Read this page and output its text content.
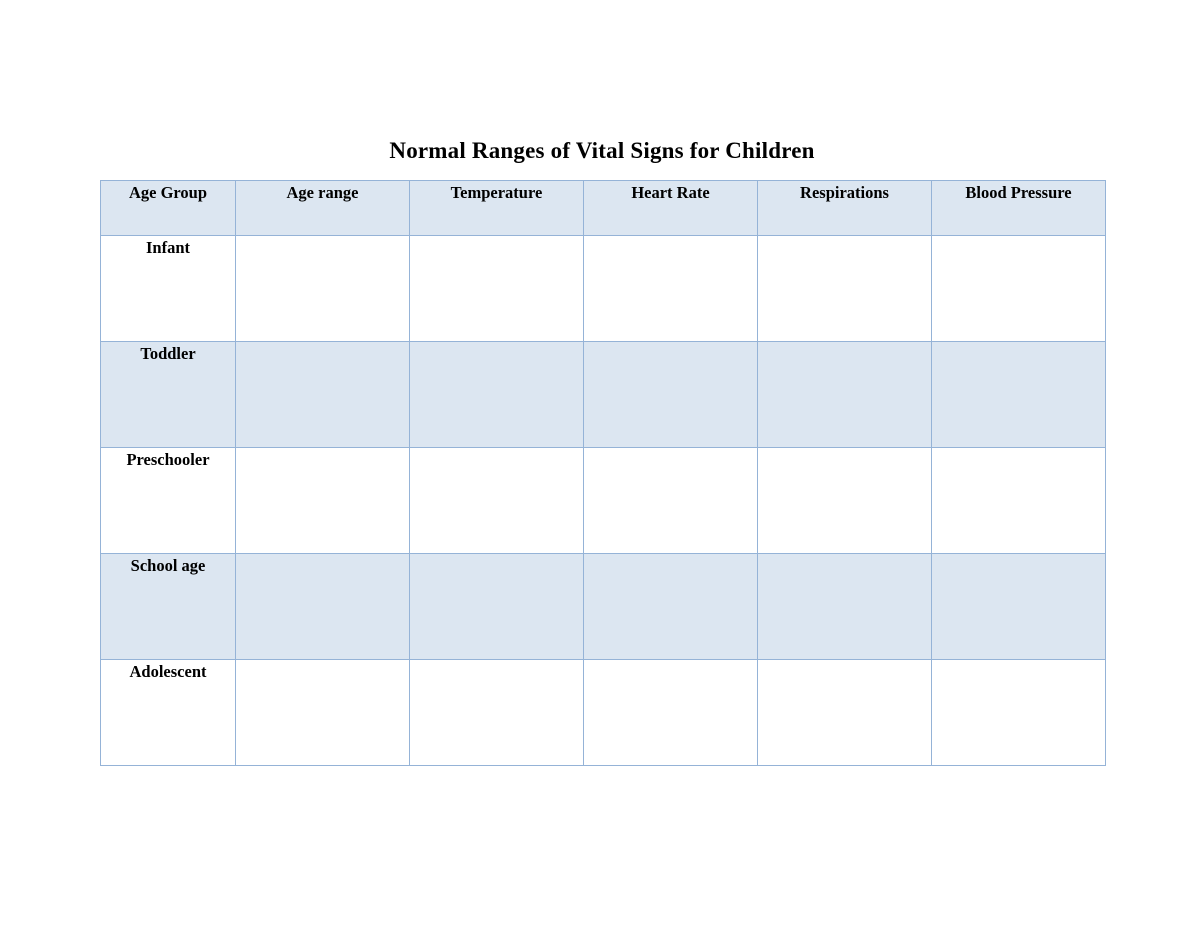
Normal Ranges of Vital Signs for Children
Age Group	Age range	Temperature	Heart Rate	Respirations	Blood Pressure
Infant					
Toddler					
Preschooler					
School age					
Adolescent					
